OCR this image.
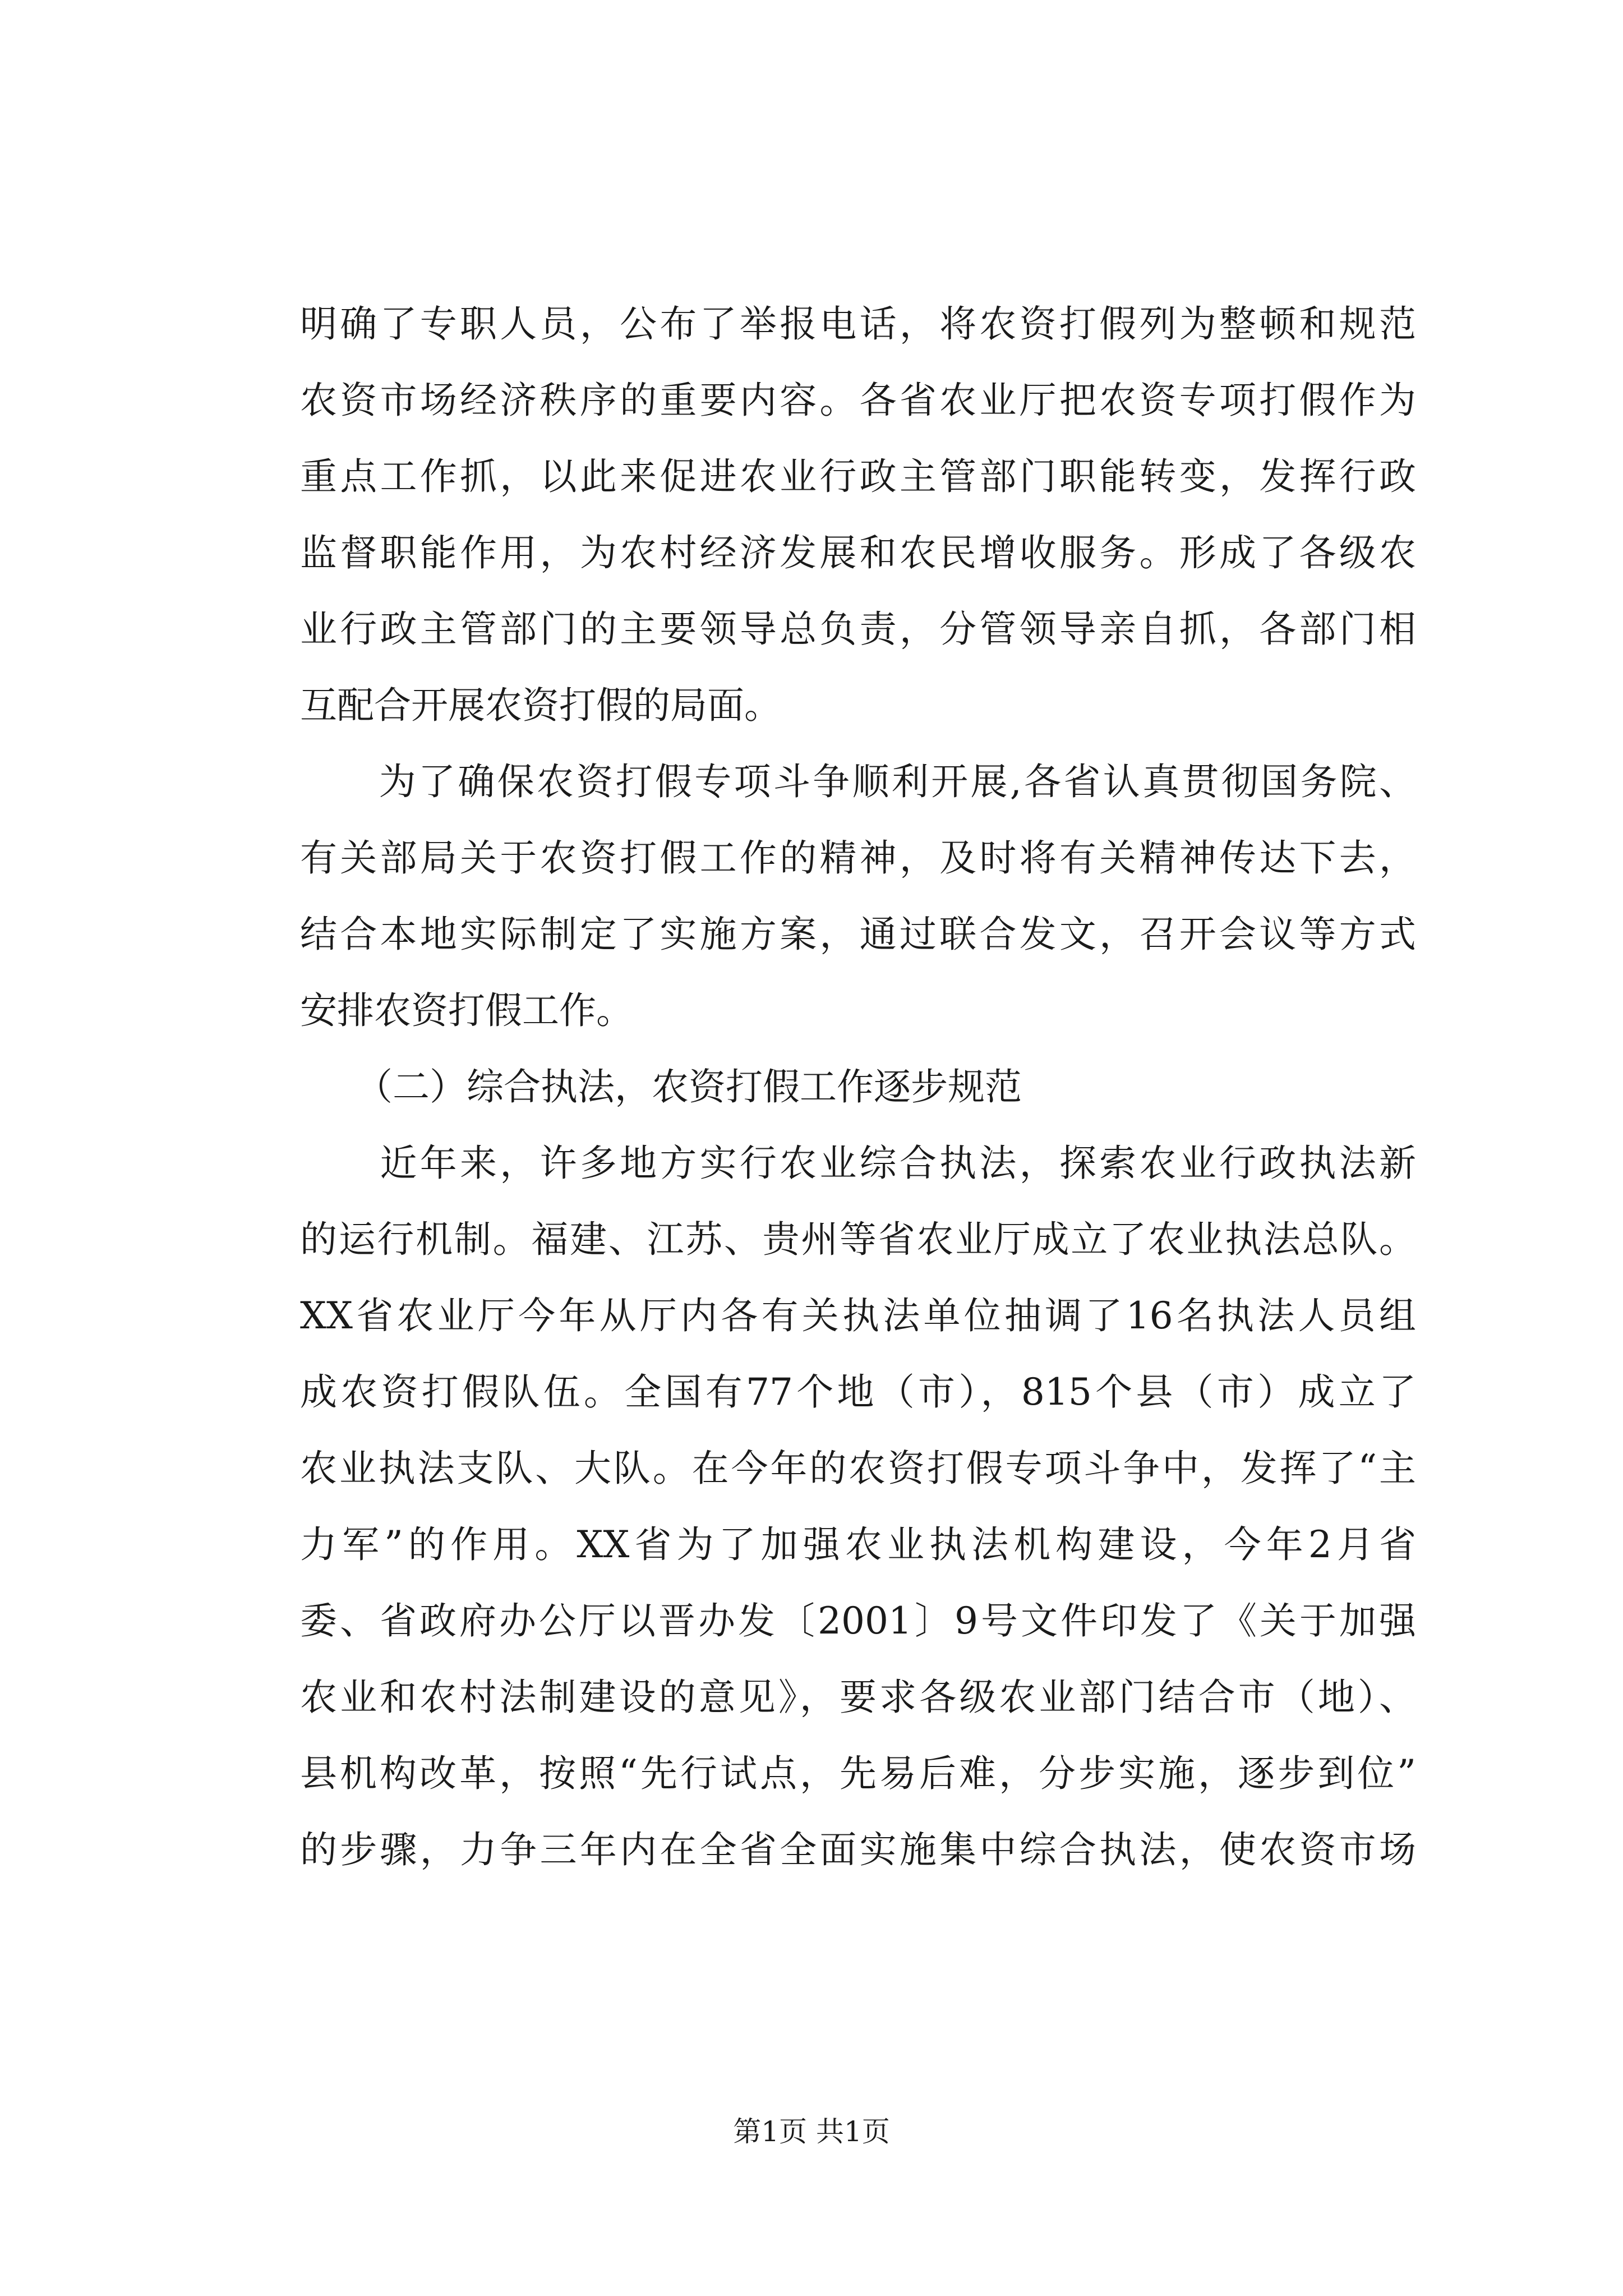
明确了专职人员，公布了举报电话，将农资打假列为整顿和规范
农资市场经济秩序的重要内容。各省农业厅把农资专项打假作为
重点工作抓，以此来促进农业行政主管部门职能转变，发挥行政
监督职能作用，为农村经济发展和农民增收服务。形成了各级农
业行政主管部门的主要领导总负责，分管领导亲自抓，各部门相
互配合开展农资打假的局面。
　　为了确保农资打假专项斗争顺利开展,各省认真贯彻国务院、
有关部局关于农资打假工作的精神，及时将有关精神传达下去，
结合本地实际制定了实施方案，通过联合发文，召开会议等方式
安排农资打假工作。
　　（二）综合执法，农资打假工作逐步规范
　　近年来，许多地方实行农业综合执法，探索农业行政执法新
的运行机制。福建、江苏、贵州等省农业厅成立了农业执法总队。
XX省农业厅今年从厅内各有关执法单位抽调了16名执法人员组
成农资打假队伍。全国有77个地（市），815个县（市）成立了
农业执法支队、大队。在今年的农资打假专项斗争中，发挥了“主
力军”的作用。XX省为了加强农业执法机构建设，今年2月省
委、省政府办公厅以晋办发〔2001〕9号文件印发了《关于加强
农业和农村法制建设的意见》，要求各级农业部门结合市（地）、
县机构改革，按照“先行试点，先易后难，分步实施，逐步到位”
的步骤，力争三年内在全省全面实施集中综合执法，使农资市场
第1页 共1页
